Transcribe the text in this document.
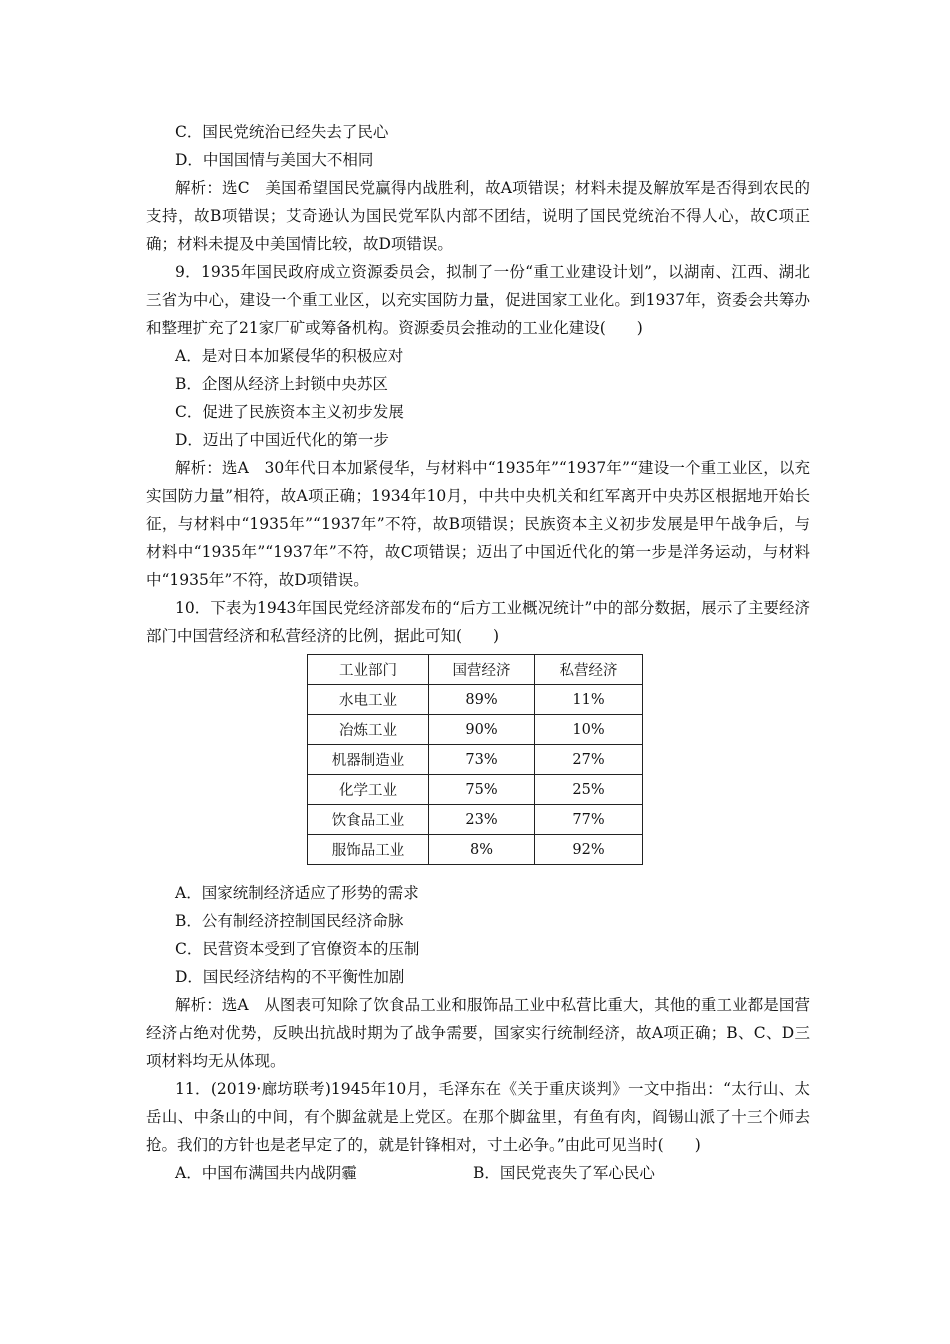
C．国民党统治已经失去了民心
D．中国国情与美国大不相同
解析：选C　美国希望国民党赢得内战胜利，故A项错误；材料未提及解放军是否得到农民的支持，故B项错误；艾奇逊认为国民党军队内部不团结，说明了国民党统治不得人心，故C项正确；材料未提及中美国情比较，故D项错误。
9．1935年国民政府成立资源委员会，拟制了一份“重工业建设计划”，以湖南、江西、湖北三省为中心，建设一个重工业区，以充实国防力量，促进国家工业化。到1937年，资委会共筹办和整理扩充了21家厂矿或筹备机构。资源委员会推动的工业化建设(　　)
A．是对日本加紧侵华的积极应对
B．企图从经济上封锁中央苏区
C．促进了民族资本主义初步发展
D．迈出了中国近代化的第一步
解析：选A　30年代日本加紧侵华，与材料中“1935年”“1937年”“建设一个重工业区，以充实国防力量”相符，故A项正确；1934年10月，中共中央机关和红军离开中央苏区根据地开始长征，与材料中“1935年”“1937年”不符，故B项错误；民族资本主义初步发展是甲午战争后，与材料中“1935年”“1937年”不符，故C项错误；迈出了中国近代化的第一步是洋务运动，与材料中“1935年”不符，故D项错误。
10．下表为1943年国民党经济部发布的“后方工业概况统计”中的部分数据，展示了主要经济部门中国营经济和私营经济的比例，据此可知(　　)
工业部门	国营经济	私营经济
水电工业	89%	11%
冶炼工业	90%	10%
机器制造业	73%	27%
化学工业	75%	25%
饮食品工业	23%	77%
服饰品工业	8%	92%
A．国家统制经济适应了形势的需求
B．公有制经济控制国民经济命脉
C．民营资本受到了官僚资本的压制
D．国民经济结构的不平衡性加剧
解析：选A　从图表可知除了饮食品工业和服饰品工业中私营比重大，其他的重工业都是国营经济占绝对优势，反映出抗战时期为了战争需要，国家实行统制经济，故A项正确；B、C、D三项材料均无从体现。
11．(2019·廊坊联考)1945年10月，毛泽东在《关于重庆谈判》一文中指出：“太行山、太岳山、中条山的中间，有个脚盆就是上党区。在那个脚盆里，有鱼有肉，阎锡山派了十三个师去抢。我们的方针也是老早定了的，就是针锋相对，寸土必争。”由此可见当时(　　)
A．中国布满国共内战阴霾	B．国民党丧失了军心民心
